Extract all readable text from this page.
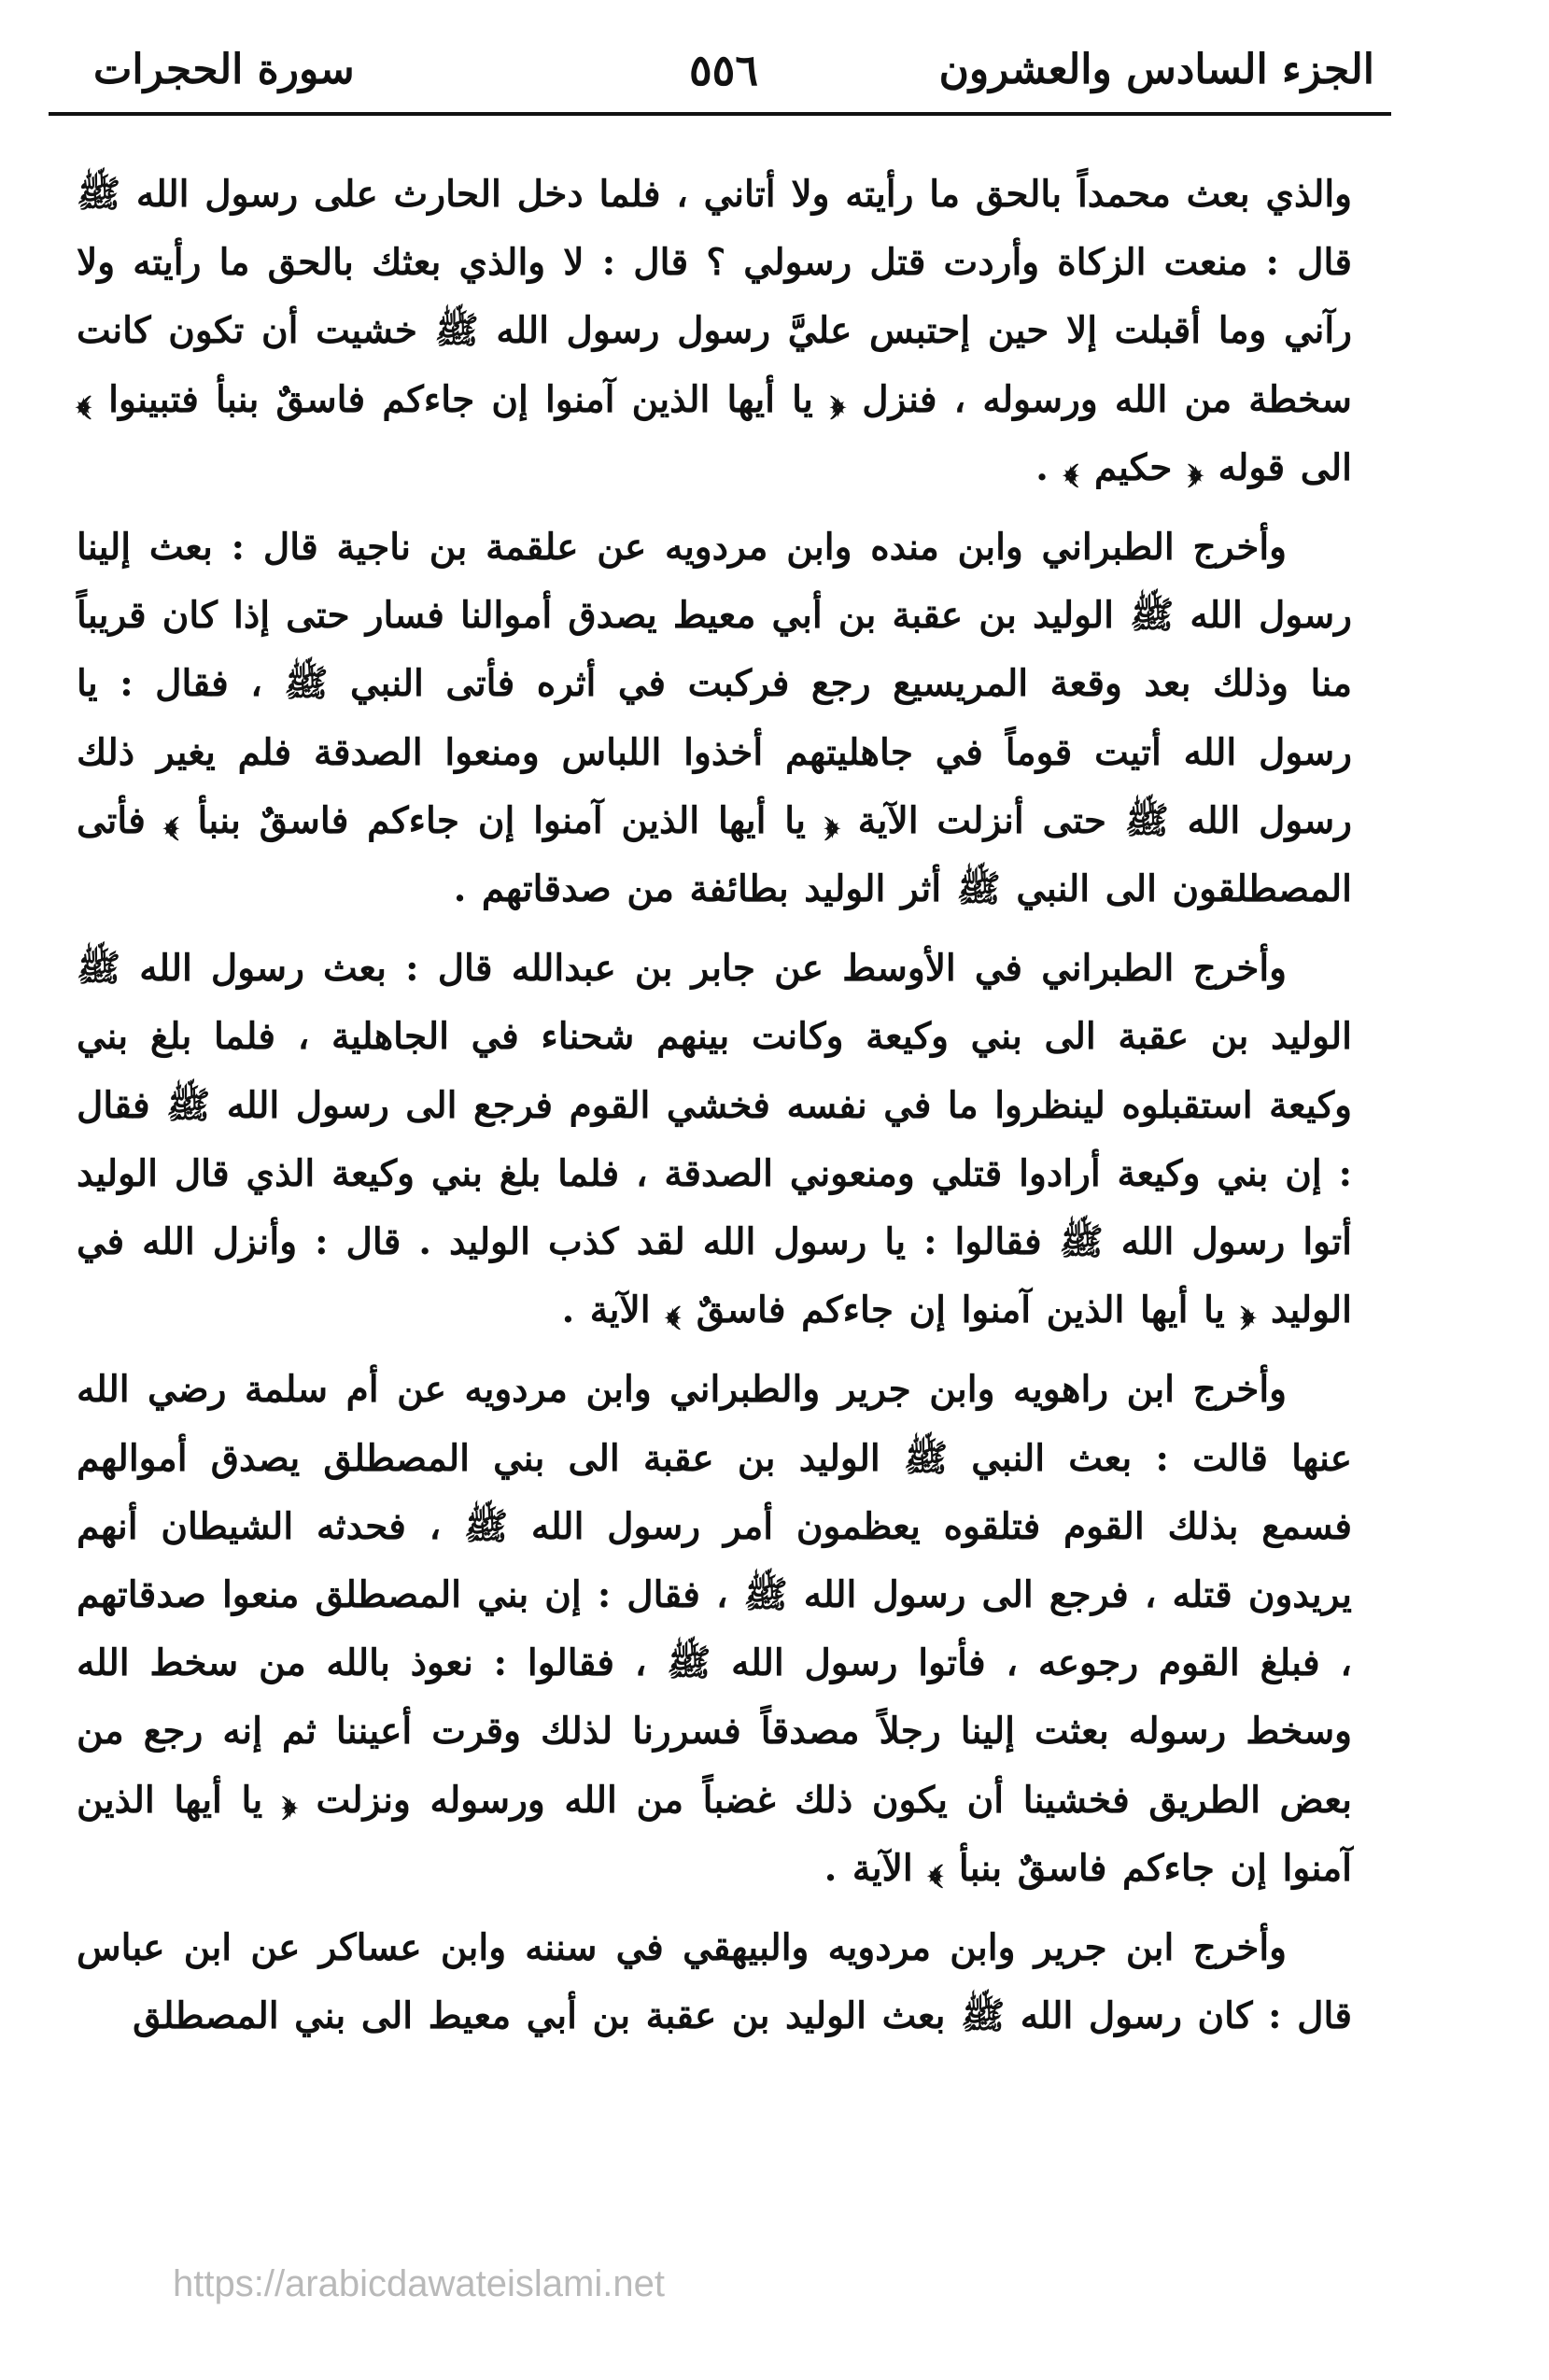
الجزء السادس والعشرون
٥٥٦
سورة الحجرات

والذي بعث محمداً بالحق ما رأيته ولا أتاني ، فلما دخل الحارث على رسول الله ﷺ قال : منعت الزكاة وأردت قتل رسولي ؟ قال : لا والذي بعثك بالحق ما رأيته ولا رآني وما أقبلت إلا حين إحتبس عليَّ رسول رسول الله ﷺ خشيت أن تكون كانت سخطة من الله ورسوله ، فنزل ﴿ يا أيها الذين آمنوا إن جاءكم فاسقٌ بنبأ فتبينوا ﴾ الى قوله ﴿ حكيم ﴾ .

وأخرج الطبراني وابن منده وابن مردويه عن علقمة بن ناجية قال : بعث إلينا رسول الله ﷺ الوليد بن عقبة بن أبي معيط يصدق أموالنا فسار حتى إذا كان قريباً منا وذلك بعد وقعة المريسيع رجع فركبت في أثره فأتى النبي ﷺ ، فقال : يا رسول الله أتيت قوماً في جاهليتهم أخذوا اللباس ومنعوا الصدقة فلم يغير ذلك رسول الله ﷺ حتى أنزلت الآية ﴿ يا أيها الذين آمنوا إن جاءكم فاسقٌ بنبأ ﴾ فأتى المصطلقون الى النبي ﷺ أثر الوليد بطائفة من صدقاتهم .

وأخرج الطبراني في الأوسط عن جابر بن عبدالله قال : بعث رسول الله ﷺ الوليد بن عقبة الى بني وكيعة وكانت بينهم شحناء في الجاهلية ، فلما بلغ بني وكيعة استقبلوه لينظروا ما في نفسه فخشي القوم فرجع الى رسول الله ﷺ فقال : إن بني وكيعة أرادوا قتلي ومنعوني الصدقة ، فلما بلغ بني وكيعة الذي قال الوليد أتوا رسول الله ﷺ فقالوا : يا رسول الله لقد كذب الوليد . قال : وأنزل الله في الوليد ﴿ يا أيها الذين آمنوا إن جاءكم فاسقٌ ﴾ الآية .

وأخرج ابن راهويه وابن جرير والطبراني وابن مردويه عن أم سلمة رضي الله عنها قالت : بعث النبي ﷺ الوليد بن عقبة الى بني المصطلق يصدق أموالهم فسمع بذلك القوم فتلقوه يعظمون أمر رسول الله ﷺ ، فحدثه الشيطان أنهم يريدون قتله ، فرجع الى رسول الله ﷺ ، فقال : إن بني المصطلق منعوا صدقاتهم ، فبلغ القوم رجوعه ، فأتوا رسول الله ﷺ ، فقالوا : نعوذ بالله من سخط الله وسخط رسوله بعثت إلينا رجلاً مصدقاً فسررنا لذلك وقرت أعيننا ثم إنه رجع من بعض الطريق فخشينا أن يكون ذلك غضباً من الله ورسوله ونزلت ﴿ يا أيها الذين آمنوا إن جاءكم فاسقٌ بنبأ ﴾ الآية .

وأخرج ابن جرير وابن مردويه والبيهقي في سننه وابن عساكر عن ابن عباس قال : كان رسول الله ﷺ بعث الوليد بن عقبة بن أبي معيط الى بني المصطلق

https://arabicdawateislami.net
